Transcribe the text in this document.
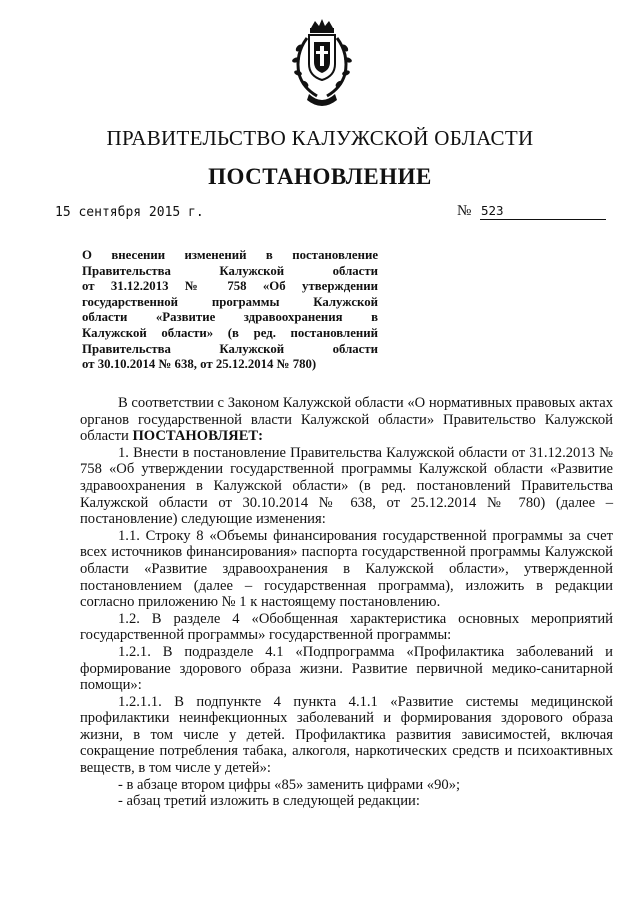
ПРАВИТЕЛЬСТВО КАЛУЖСКОЙ ОБЛАСТИ
ПОСТАНОВЛЕНИЕ
15 сентября 2015 г.	№ 523
О внесении изменений в постановление
Правительства Калужской области
от 31.12.2013 № 758 «Об утверждении
государственной программы Калужской
области «Развитие здравоохранения в
Калужской области» (в ред. постановлений
Правительства Калужской области
от 30.10.2014 № 638, от 25.12.2014 № 780)

В соответствии с Законом Калужской области «О нормативных правовых актах органов государственной власти Калужской области» Правительство Калужской области ПОСТАНОВЛЯЕТ:

1. Внести в постановление Правительства Калужской области от 31.12.2013 № 758 «Об утверждении государственной программы Калужской области «Развитие здравоохранения в Калужской области» (в ред. постановлений Правительства Калужской области от 30.10.2014 № 638, от 25.12.2014 № 780) (далее – постановление) следующие изменения:

1.1. Строку 8 «Объемы финансирования государственной программы за счет всех источников финансирования» паспорта государственной программы Калужской области «Развитие здравоохранения в Калужской области», утвержденной постановлением (далее – государственная программа), изложить в редакции согласно приложению № 1 к настоящему постановлению.

1.2. В разделе 4 «Обобщенная характеристика основных мероприятий государственной программы» государственной программы:

1.2.1. В подразделе 4.1 «Подпрограмма «Профилактика заболеваний и формирование здорового образа жизни. Развитие первичной медико-санитарной помощи»:

1.2.1.1. В подпункте 4 пункта 4.1.1 «Развитие системы медицинской профилактики неинфекционных заболеваний и формирования здорового образа жизни, в том числе у детей. Профилактика развития зависимостей, включая сокращение потребления табака, алкоголя, наркотических средств и психоактивных веществ, в том числе у детей»:

- в абзаце втором цифры «85» заменить цифрами «90»;

- абзац третий изложить в следующей редакции:
